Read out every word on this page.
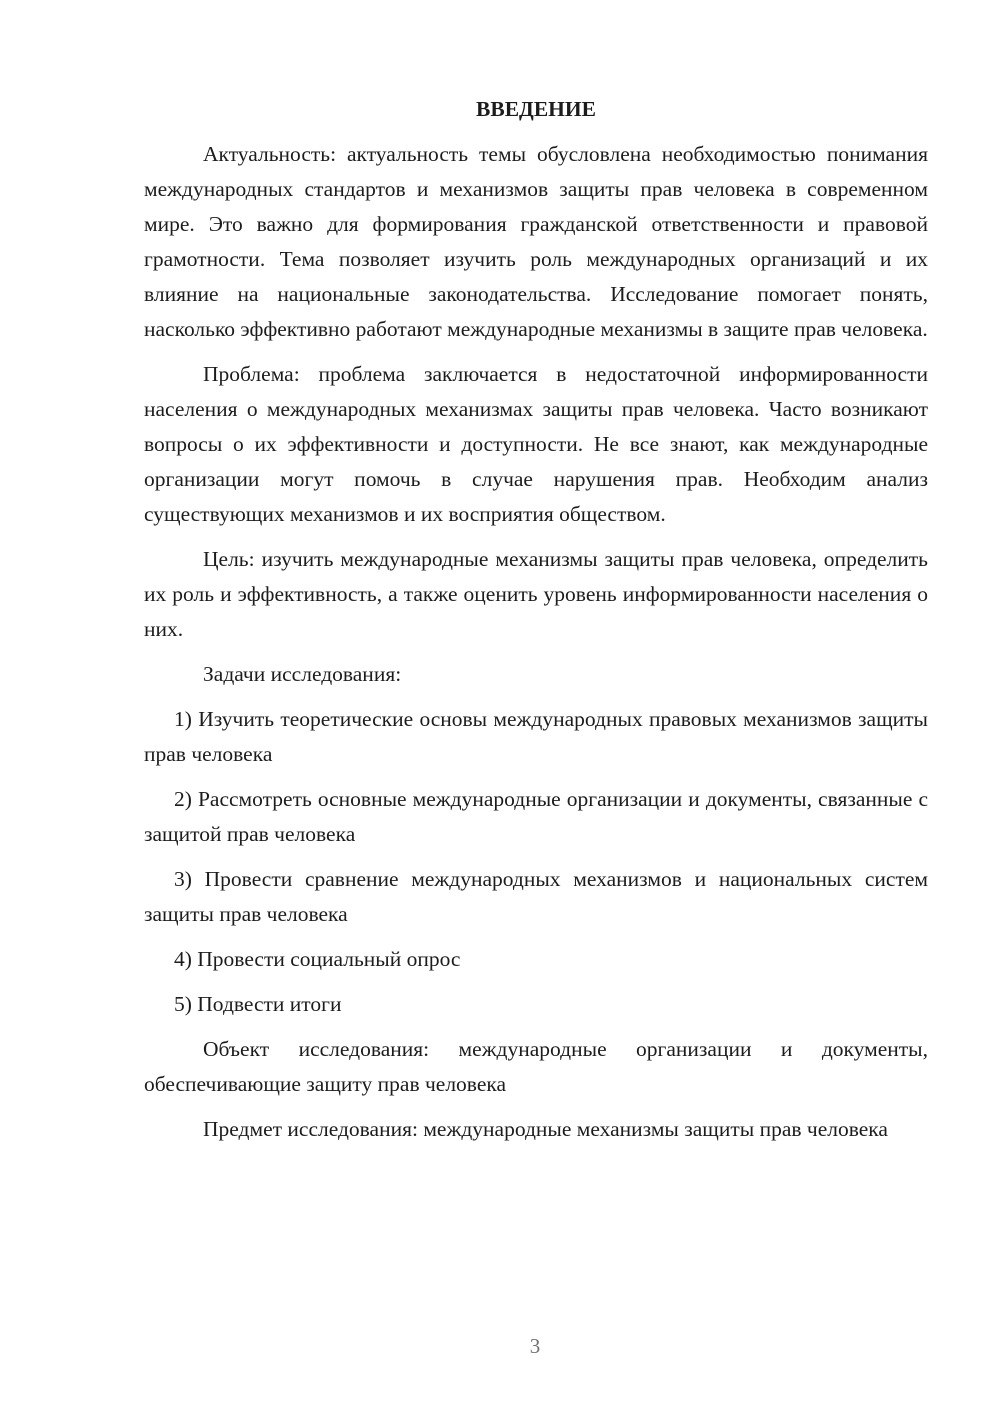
ВВЕДЕНИЕ

Актуальность: актуальность темы обусловлена необходимостью понимания международных стандартов и механизмов защиты прав человека в современном мире. Это важно для формирования гражданской ответственности и правовой грамотности. Тема позволяет изучить роль международных организаций и их влияние на национальные законодательства. Исследование помогает понять, насколько эффективно работают международные механизмы в защите прав человека.

Проблема: проблема заключается в недостаточной информированности населения о международных механизмах защиты прав человека. Часто возникают вопросы о их эффективности и доступности. Не все знают, как международные организации могут помочь в случае нарушения прав. Необходим анализ существующих механизмов и их восприятия обществом.

Цель: изучить международные механизмы защиты прав человека, определить их роль и эффективность, а также оценить уровень информированности населения о них.

Задачи исследования:

1) Изучить теоретические основы международных правовых механизмов защиты прав человека

2) Рассмотреть основные международные организации и документы, связанные с защитой прав человека

3) Провести сравнение международных механизмов и национальных систем защиты прав человека

4) Провести социальный опрос

5) Подвести итоги

Объект исследования: международные организации и документы, обеспечивающие защиту прав человека

Предмет исследования: международные механизмы защиты прав человека

3
